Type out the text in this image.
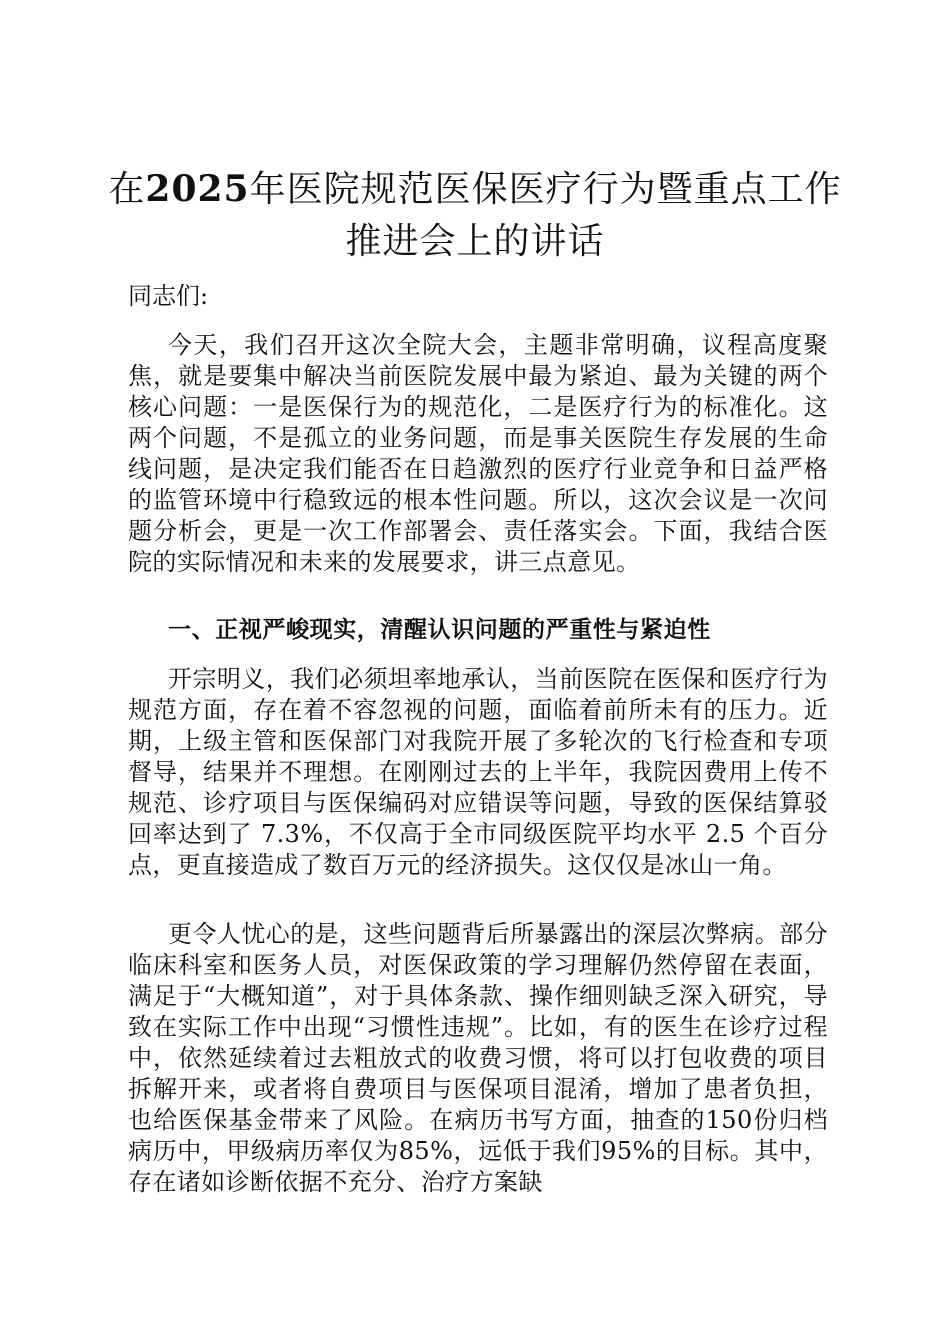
在2025年医院规范医保医疗行为暨重点工作
推进会上的讲话

同志们:

今天，我们召开这次全院大会，主题非常明确，议程高度聚焦，就是要集中解决当前医院发展中最为紧迫、最为关键的两个核心问题：一是医保行为的规范化，二是医疗行为的标准化。这两个问题，不是孤立的业务问题，而是事关医院生存发展的生命线问题，是决定我们能否在日趋激烈的医疗行业竞争和日益严格的监管环境中行稳致远的根本性问题。所以，这次会议是一次问题分析会，更是一次工作部署会、责任落实会。下面，我结合医院的实际情况和未来的发展要求，讲三点意见。

一、正视严峻现实，清醒认识问题的严重性与紧迫性

开宗明义，我们必须坦率地承认，当前医院在医保和医疗行为规范方面，存在着不容忽视的问题，面临着前所未有的压力。近期，上级主管和医保部门对我院开展了多轮次的飞行检查和专项督导，结果并不理想。在刚刚过去的上半年，我院因费用上传不规范、诊疗项目与医保编码对应错误等问题，导致的医保结算驳回率达到了 7.3%，不仅高于全市同级医院平均水平 2.5 个百分点，更直接造成了数百万元的经济损失。这仅仅是冰山一角。

更令人忧心的是，这些问题背后所暴露出的深层次弊病。部分临床科室和医务人员，对医保政策的学习理解仍然停留在表面，满足于“大概知道”，对于具体条款、操作细则缺乏深入研究，导致在实际工作中出现“习惯性违规”。比如，有的医生在诊疗过程中，依然延续着过去粗放式的收费习惯，将可以打包收费的项目拆解开来，或者将自费项目与医保项目混淆，增加了患者负担，也给医保基金带来了风险。在病历书写方面，抽查的150份归档病历中，甲级病历率仅为85%，远低于我们95%的目标。其中，存在诸如诊断依据不充分、治疗方案缺
